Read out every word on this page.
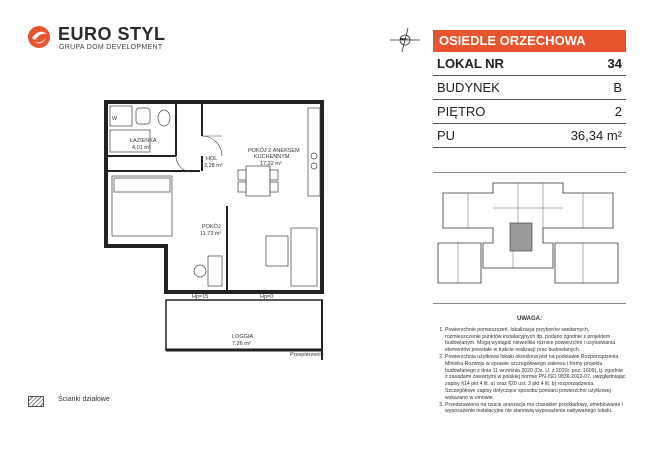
EURO STYL
GRUPA DOM DEVELOPMENT	OSIEDLE ORZECHOWA
LOKAL NR	34
BUDYNEK	B
PIĘTRO	2
PU	36,34 m²
W
ŁAZIENKA
4,01 m²
HOL
3,28 m²
POKÓJ Z ANEKSEM
KUCHENNYM
17,32 m²
POKÓJ
11,73 m²
Hp=15	Hp=0
LOGGIA
7,26 m²
Przepierzenie
Ścianki działowe
UWAGA:
1. Powierzchnie pomieszczeń, lokalizacja przyborów sanitarnych, rozmieszczenie punktów instalacyjnych itp. podano zgodnie z projektem budowlanym. Mogą wystąpić niewielkie różnice powierzchni i usytuowania elementów powstałe w trakcie realizacji prac budowlanych.
2. Powierzchnia użytkowa lokalu określona jest na podstawie Rozporządzenia Ministra Rozwoju w sprawie szczegółowego zakresu i formy projektu budowlanego z dnia 11 września 2020 (Dz. U. z 2020r. poz. 1609), tj. zgodnie z zasadami zawartymi w polskiej normie PN-ISO 9836:2022-07, uwzględniając zapisy §14 pkt 4 lit. a) oraz §20 ust. 3 pkt 4 lit. b) rozporządzenia. Szczegółowe zapisy dotyczące sposobu pomiaru powierzchni użytkowej wskazano w umowie.
3. Przedstawiona na rzucie aranżacja ma charakter przykładowy, umeblowanie i wyposażenie instalacyjne nie stanowią wyposażenia nabywanego lokalu.
